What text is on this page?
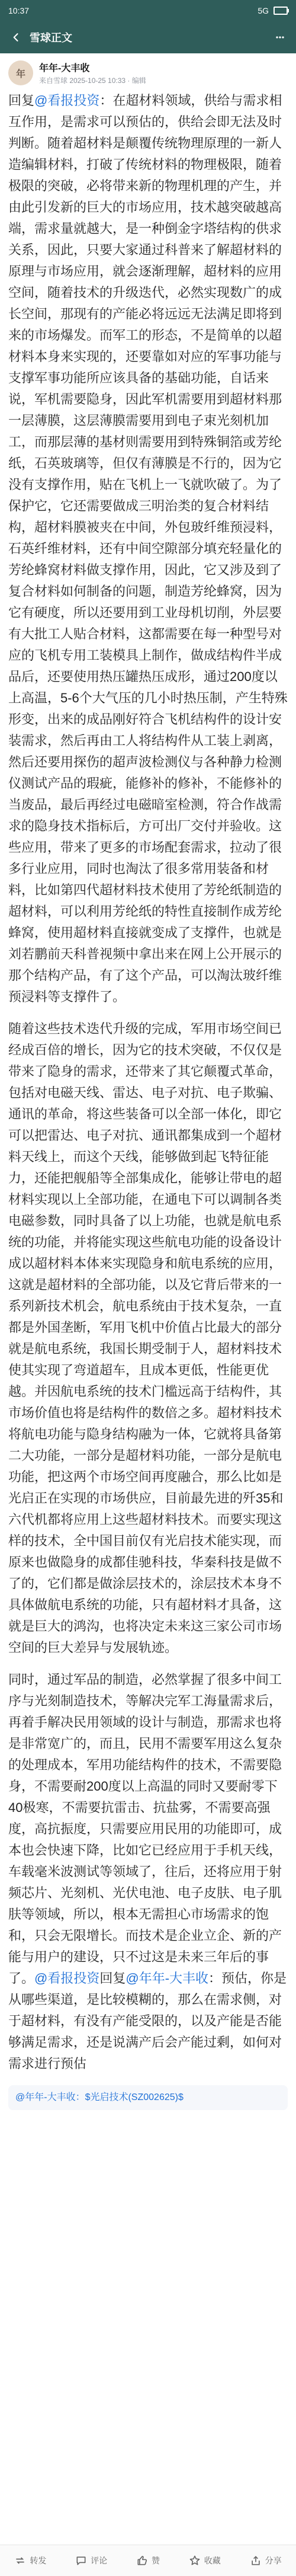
10:37	5G
雪球正文
年
年年-大丰收
来自雪球 2025-10-25 10:33 · 编辑

回复@看报投资：在超材料领域，供给与需求相互作用，是需求可以预估的，供给会即无法及时判断。随着超材料是颠覆传统物理原理的一新人造编辑材料，打破了传统材料的物理极限，随着极限的突破，必将带来新的物理机理的产生，并由此引发新的巨大的市场应用，技术越突破越高端，需求量就越大，是一种倒金字塔结构的供求关系，因此，只要大家通过科普来了解超材料的原理与市场应用，就会逐渐理解，超材料的应用空间，随着技术的升级迭代，必然实现数广的成长空间，那现有的产能必将远远无法满足即将到来的市场爆发。而军工的形态，不是简单的以超材料本身来实现的，还要靠如对应的军事功能与支撑军事功能所应该具备的基础功能，自话来说，军机需要隐身，因此军机需要用到超材料那一层薄膜，这层薄膜需要用到电子束光刻机加工，而那层薄的基材则需要用到特殊铜箔或芳纶纸，石英玻璃等，但仅有薄膜是不行的，因为它没有支撑作用，贴在飞机上一飞就吹破了。为了保护它，它还需要做成三明治类的复合材料结构，超材料膜被夹在中间，外包玻纤维预浸料，石英纤维材料，还有中间空隙部分填充轻量化的芳纶蜂窝材料做支撑作用，因此，它又涉及到了复合材料如何制备的问题，制造芳纶蜂窝，因为它有硬度，所以还要用到工业母机切削，外层要有大批工人贴合材料，这都需要在每一种型号对应的飞机专用工装模具上制作，做成结构件半成品后，还要使用热压罐热压成形，通过200度以上高温，5-6个大气压的几小时热压制，产生特殊形变，出来的成品刚好符合飞机结构件的设计安装需求，然后再由工人将结构件从工装上剥离，然后还要用探伤的超声波检测仪与各种静力检测仪测试产品的瑕疵，能修补的修补，不能修补的当废品，最后再经过电磁暗室检测，符合作战需求的隐身技术指标后，方可出厂交付并验收。这些应用，带来了更多的市场配套需求，拉动了很多行业应用，同时也淘汰了很多常用装备和材料，比如第四代超材料技术使用了芳纶纸制造的超材料，可以利用芳纶纸的特性直接制作成芳纶蜂窝，使用超材料直接就变成了支撑件，也就是刘若鹏前天科普视频中拿出来在网上公开展示的那个结构产品，有了这个产品，可以淘汰玻纤维预浸料等支撑件了。

随着这些技术迭代升级的完成，军用市场空间已经成百倍的增长，因为它的技术突破，不仅仅是带来了隐身的需求，还带来了其它颠覆式革命，包括对电磁天线、雷达、电子对抗、电子欺骗、通讯的革命，将这些装备可以全部一体化，即它可以把雷达、电子对抗、通讯都集成到一个超材料天线上，而这个天线，能够做到起飞特征能力，还能把舰船等全部集成化，能够让带电的超材料实现以上全部功能，在通电下可以调制各类电磁参数，同时具备了以上功能，也就是航电系统的功能，并将能实现这些航电功能的设备设计成以超材料本体来实现隐身和航电系统的应用，这就是超材料的全部功能，以及它背后带来的一系列新技术机会，航电系统由于技术复杂，一直都是外国垄断，军用飞机中价值占比最大的部分就是航电系统，我国长期受制于人，超材料技术使其实现了弯道超车，且成本更低，性能更优越。并因航电系统的技术门槛远高于结构件，其市场价值也将是结构件的数倍之多。超材料技术将航电功能与隐身结构融为一体，它就将具备第二大功能，一部分是超材料功能，一部分是航电功能，把这两个市场空间再度融合，那么比如是光启正在实现的市场供应，目前最先进的歼35和六代机都将应用上这些超材料技术。而要实现这样的技术，全中国目前仅有光启技术能实现，而原来也做隐身的成都佳驰科技，华秦科技是做不了的，它们都是做涂层技术的，涂层技术本身不具体做航电系统的功能，只有超材料才具备，这就是巨大的鸿沟，也将决定未来这三家公司市场空间的巨大差异与发展轨迹。

同时，通过军品的制造，必然掌握了很多中间工序与光刻制造技术，等解决完军工海量需求后，再着手解决民用领域的设计与制造，那需求也将是非常宽广的，而且，民用不需要军用这么复杂的处理成本，军用功能结构件的技术，不需要隐身，不需要耐200度以上高温的同时又要耐零下40极寒，不需要抗雷击、抗盐雾，不需要高强度，高抗振度，只需要应用民用的功能即可，成本也会快速下降，比如它已经应用于手机天线，车载毫米波测试等领域了，往后，还将应用于射频芯片、光刻机、光伏电池、电子皮肤、电子肌肤等领域，所以，根本无需担心市场需求的饱和，只会无限增长。而技术是企业立企、新的产能与用户的建设，只不过这是未来三年后的事了。@看报投资回复@年年-大丰收：预估，你是从哪些渠道，是比较模糊的，那么在需求侧，对于超材料，有没有产能受限的，以及产能是否能够满足需求，还是说满产后会产能过剩，如何对需求进行预估

@年年-大丰收：$光启技术(SZ002625)$
转发	评论	赞	收藏	分享
